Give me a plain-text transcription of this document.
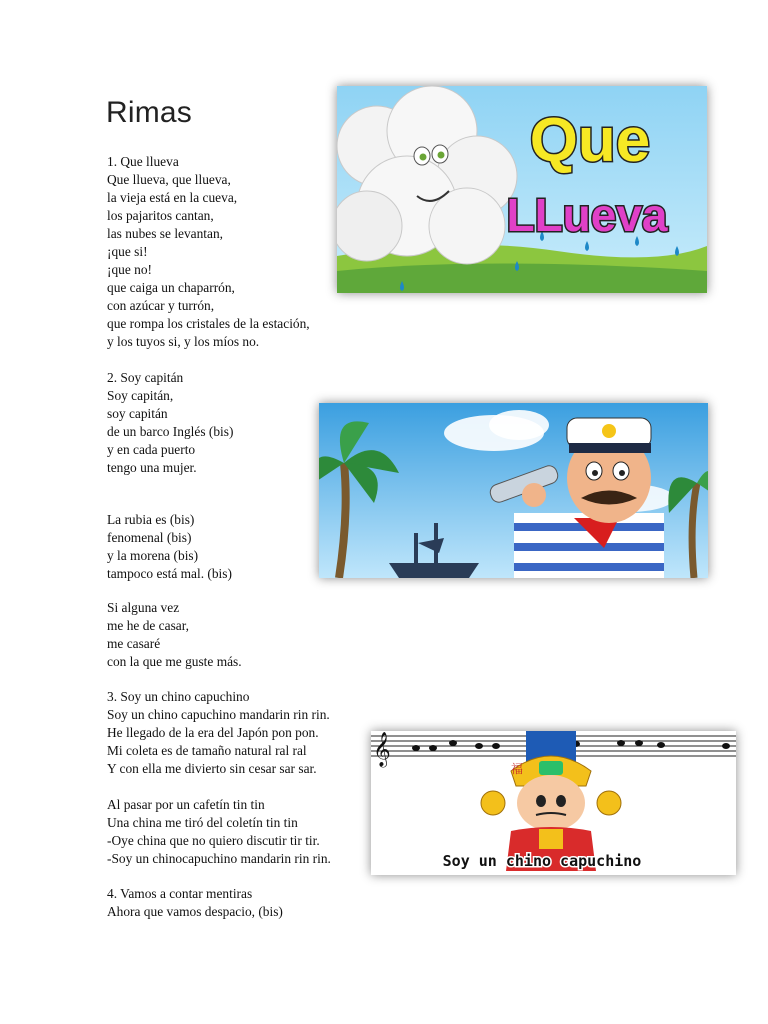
Rimas
1. Que llueva
Que llueva, que llueva,
la vieja está en la cueva,
los pajaritos cantan,
las nubes se levantan,
¡que si!
¡que no!
que caiga un chaparrón,
con azúcar y turrón,
que rompa los cristales de la estación,
y los tuyos si, y los míos no.
2. Soy capitán
Soy capitán,
soy capitán
de un barco Inglés (bis)
y en cada puerto
tengo una mujer.
La rubia es (bis)
fenomenal (bis)
y la morena (bis)
tampoco está mal. (bis)
Si alguna vez
me he de casar,
me casaré
con la que me guste más.
3. Soy un chino capuchino
Soy un chino capuchino mandarin rin rin.
He llegado de la era del Japón pon pon.
Mi coleta es de tamaño natural ral ral
Y con ella me divierto sin cesar sar sar.
Al pasar por un cafetín tin tin
Una china me tiró del coletín tin tin
-Oye china que no quiero discutir tir tir.
-Soy un chinocapuchino mandarin rin rin.
4. Vamos a contar mentiras
Ahora que vamos despacio, (bis)
Que
LLueva
𝄞
福
Soy un chino capuchino
